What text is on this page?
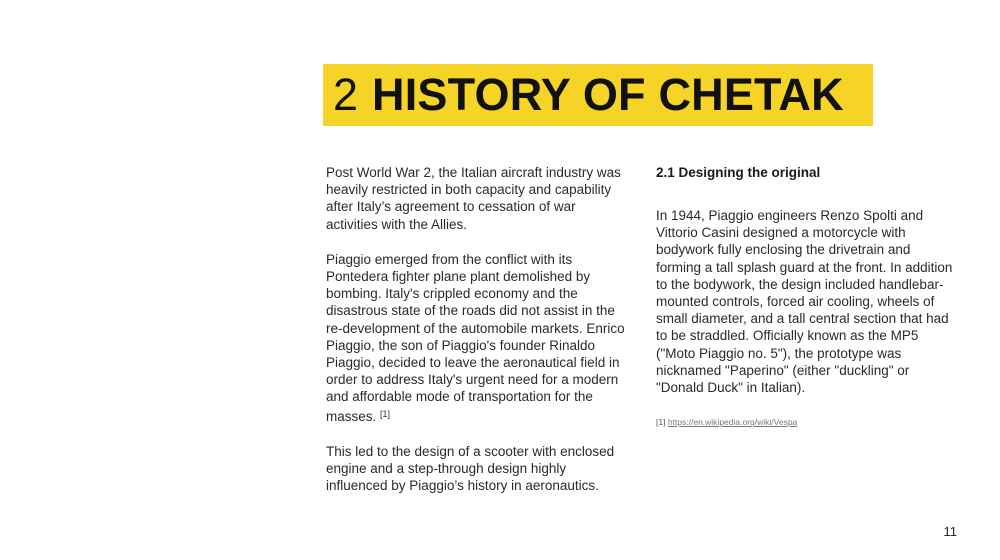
2 HISTORY OF CHETAK

Post World War 2, the Italian aircraft industry was heavily restricted in both capacity and capability after Italy’s agreement to cessation of war activities with the Allies.

Piaggio emerged from the conflict with its Pontedera fighter plane plant demolished by bombing. Italy's crippled economy and the disastrous state of the roads did not assist in the re-development of the automobile markets. Enrico Piaggio, the son of Piaggio's founder Rinaldo Piaggio, decided to leave the aeronautical field in order to address Italy's urgent need for a modern and affordable mode of transportation for the masses. [1]

This led to the design of a scooter with enclosed engine and a step-through design highly influenced by Piaggio’s history in aeronautics.

2.1 Designing the original

In 1944, Piaggio engineers Renzo Spolti and Vittorio Casini designed a motorcycle with bodywork fully enclosing the drivetrain and forming a tall splash guard at the front. In addition to the bodywork, the design included handlebar-mounted controls, forced air cooling, wheels of small diameter, and a tall central section that had to be straddled. Officially known as the MP5 ("Moto Piaggio no. 5"), the prototype was nicknamed "Paperino" (either "duckling" or "Donald Duck" in Italian).

[1] https://en.wikipedia.org/wiki/Vespa
11
